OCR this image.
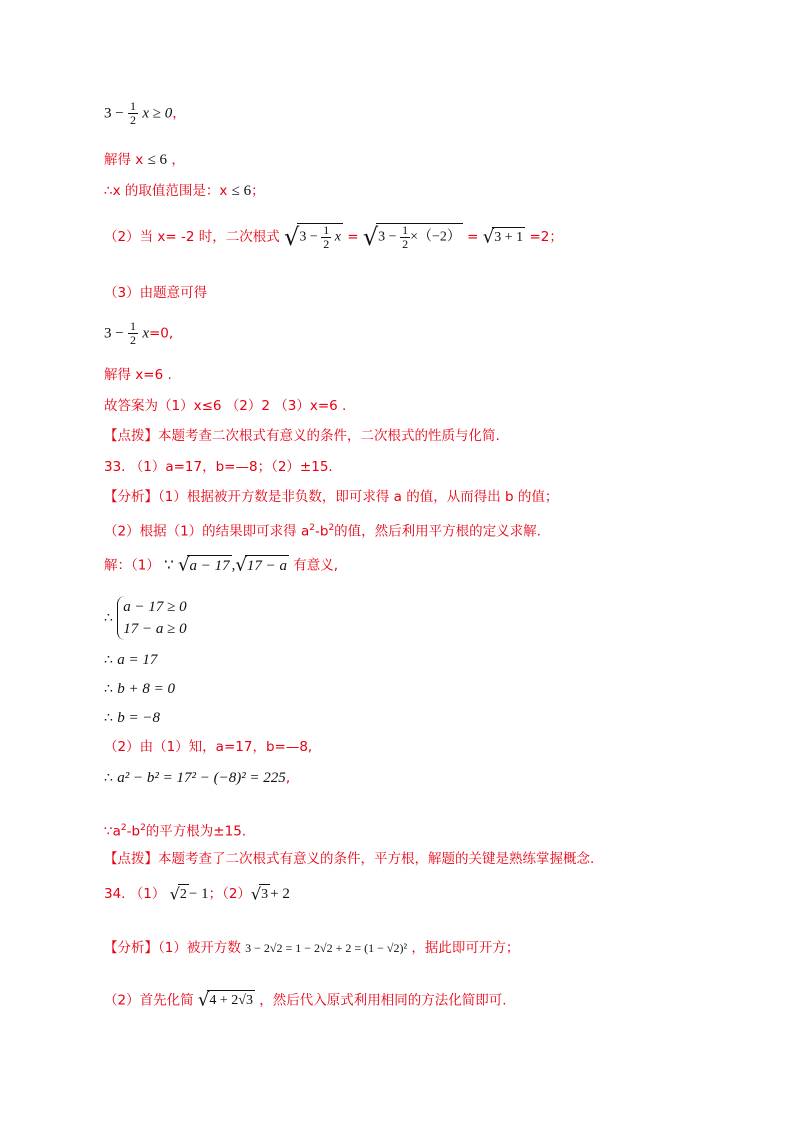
$3 - \frac{1}{2}$ x ≥ 0，
解得 x ≤ 6 ，
∴x 的取值范围是：x ≤ 6；
（2）当 x= -2 时，二次根式 $√3 - \frac{1}{2}$ $x = √3 - \frac{1}{2} \times(-2) = √3 + 1 =2$；
（3）由题意可得
$3 - \frac{1}{2} x=0$,
解得 x=6 .
故答案为（1）x≤6 （2）2 （3）x=6 .
【点拨】本题考查二次根式有意义的条件，二次根式的性质与化简.
33. （1）a=17，b=—8；（2）±15.
【分析】（1）根据被开方数是非负数，即可求得 a 的值，从而得出 b 的值；
（2）根据（1）的结果即可求得 $a^2-b^2$的值，然后利用平方根的定义求解.
解：（1） ∵ √a − 17 ,√17 − a 有意义,
∴
a − 17 ≥ 0
17 − a ≥ 0
∴ a = 17
∴ b + 8 = 0
∴ b = −8
（2）由（1）知，a=17，b=—8,
∴ a² − b² = 17² − (−8)² = 225,
$\because a^2-b^2$的平方根为±15.
【点拨】本题考查了二次根式有意义的条件，平方根，解题的关键是熟练掌握概念.
34. （1） √2 − 1；（2）√3 + 2
【分析】（1）被开方数 3 − 2√2 = 1 − 2√2 + 2 = (1 − √2)² ，据此即可开方；
（2）首先化简 √4 + 2√3 ，然后代入原式利用相同的方法化简即可.
